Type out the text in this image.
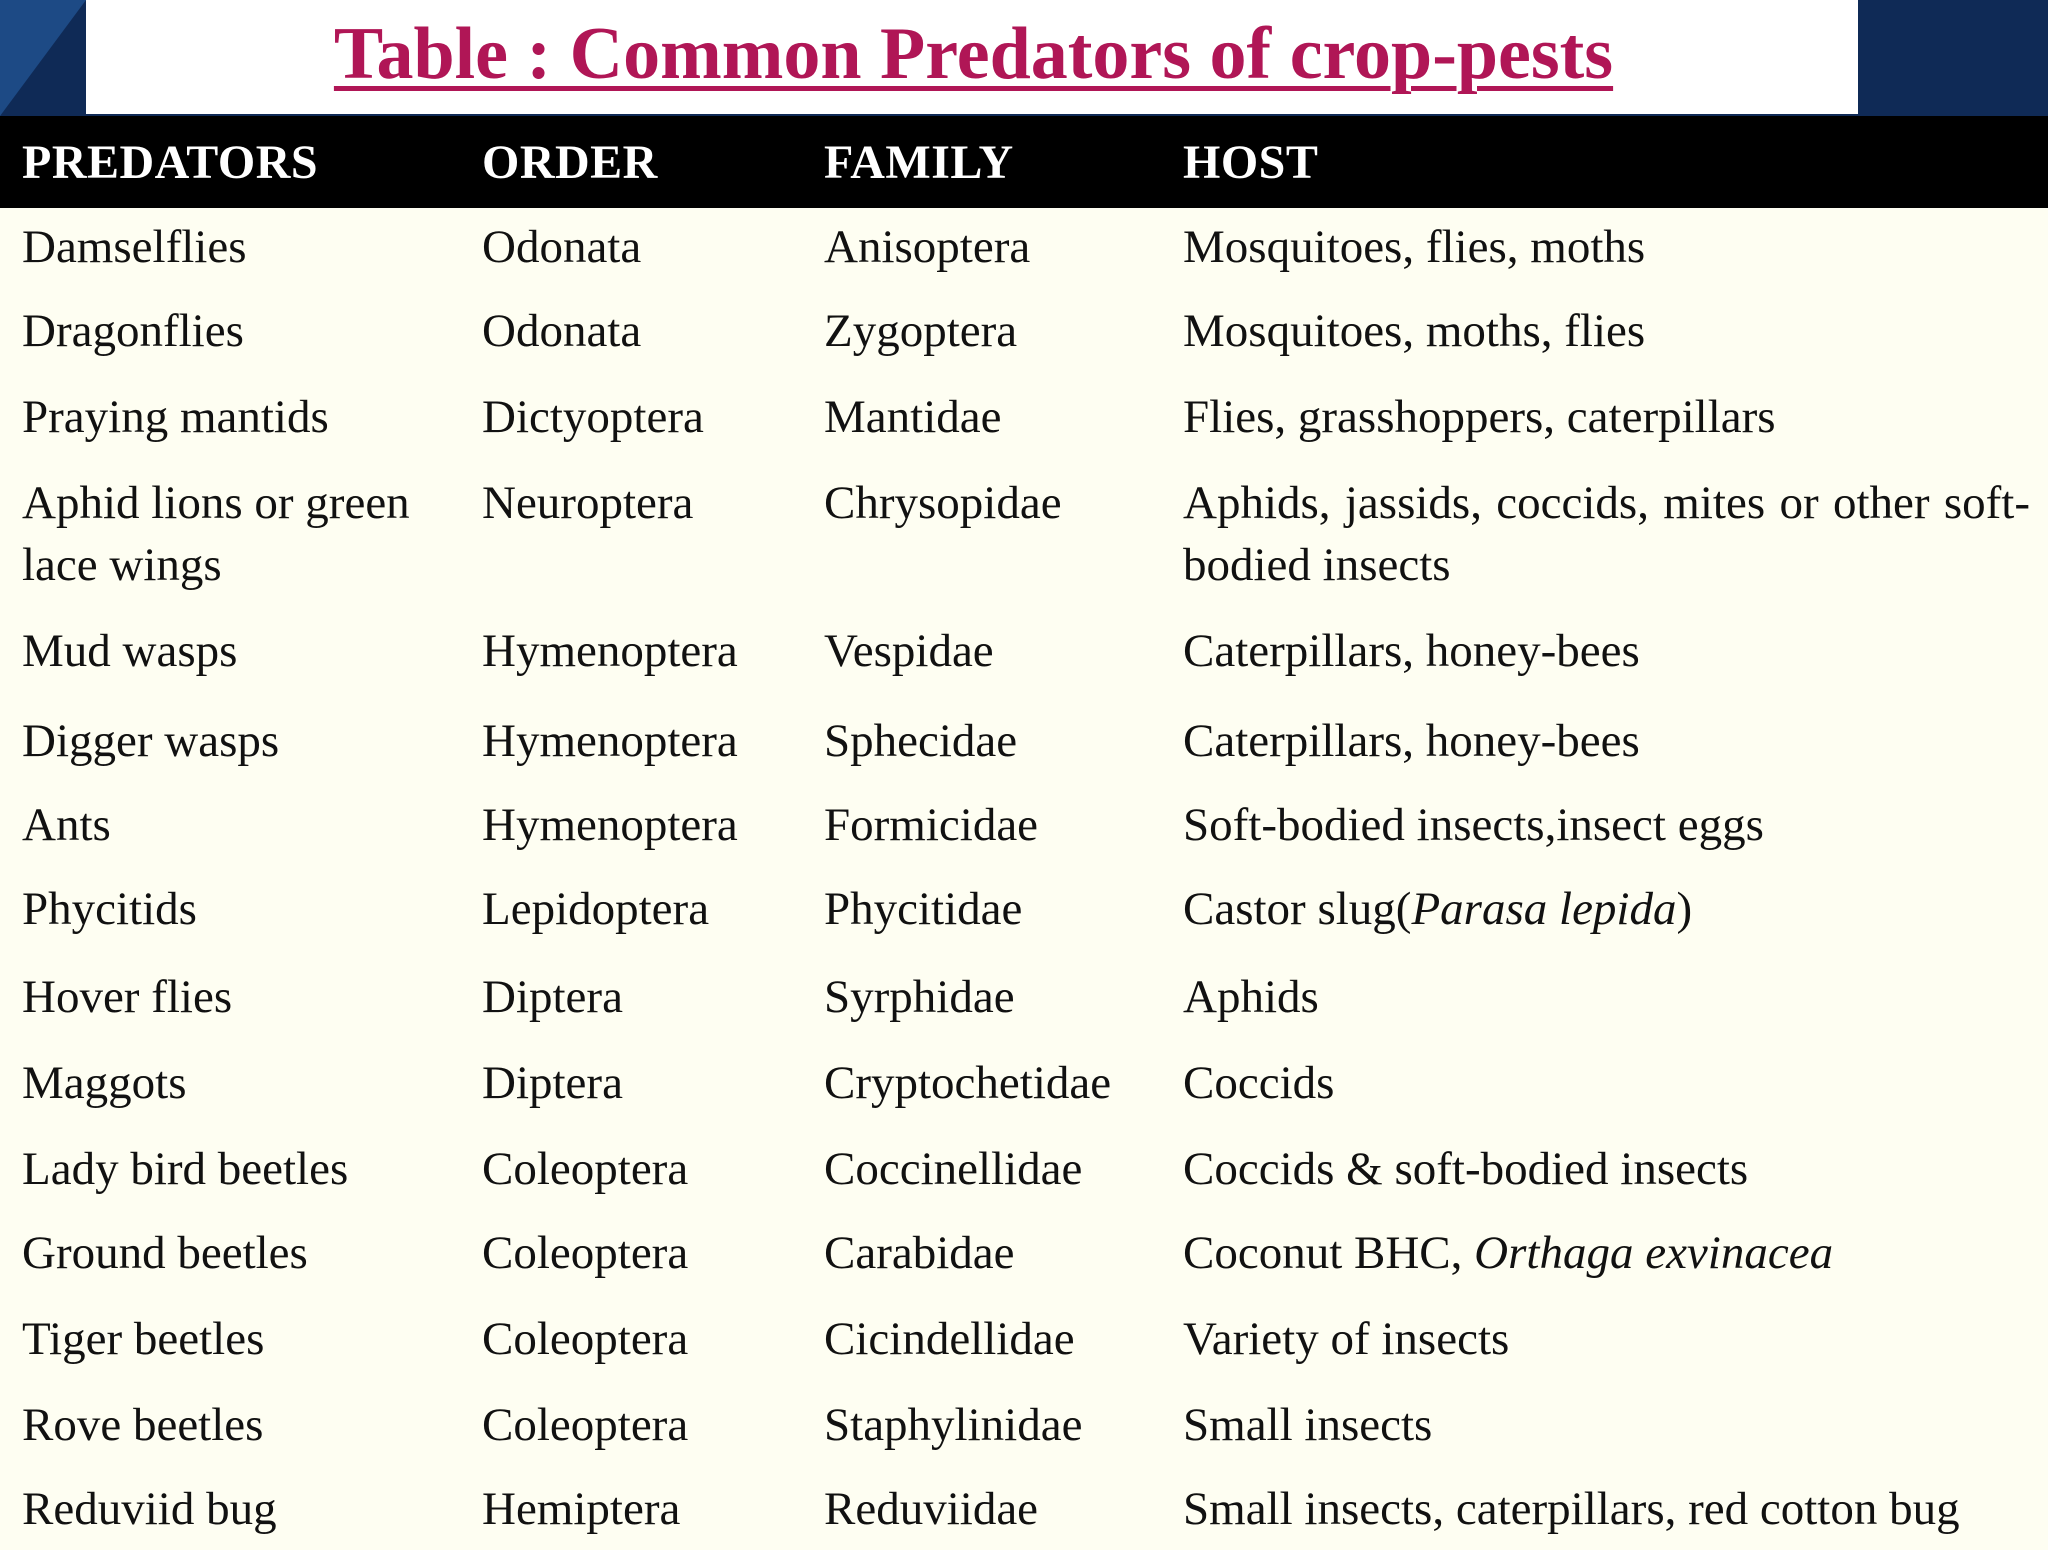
Table : Common Predators of crop-pests
PREDATORS	ORDER	FAMILY	HOST
Damselflies	Odonata	Anisoptera	Mosquitoes, flies, moths
Dragonflies	Odonata	Zygoptera	Mosquitoes, moths, flies
Praying mantids	Dictyoptera	Mantidae	Flies, grasshoppers, caterpillars
Aphid lions or green lace wings	Neuroptera	Chrysopidae	Aphids, jassids, coccids, mites or other soft-bodied insects
Mud wasps	Hymenoptera	Vespidae	Caterpillars, honey-bees
Digger wasps	Hymenoptera	Sphecidae	Caterpillars, honey-bees
Ants	Hymenoptera	Formicidae	Soft-bodied insects,insect eggs
Phycitids	Lepidoptera	Phycitidae	Castor slug(Parasa lepida)
Hover flies	Diptera	Syrphidae	Aphids
Maggots	Diptera	Cryptochetidae	Coccids
Lady bird beetles	Coleoptera	Coccinellidae	Coccids & soft-bodied insects
Ground beetles	Coleoptera	Carabidae	Coconut BHC, Orthaga exvinacea
Tiger beetles	Coleoptera	Cicindellidae	Variety of insects
Rove beetles	Coleoptera	Staphylinidae	Small insects
Reduviid bug	Hemiptera	Reduviidae	Small insects, caterpillars, red cotton bug
